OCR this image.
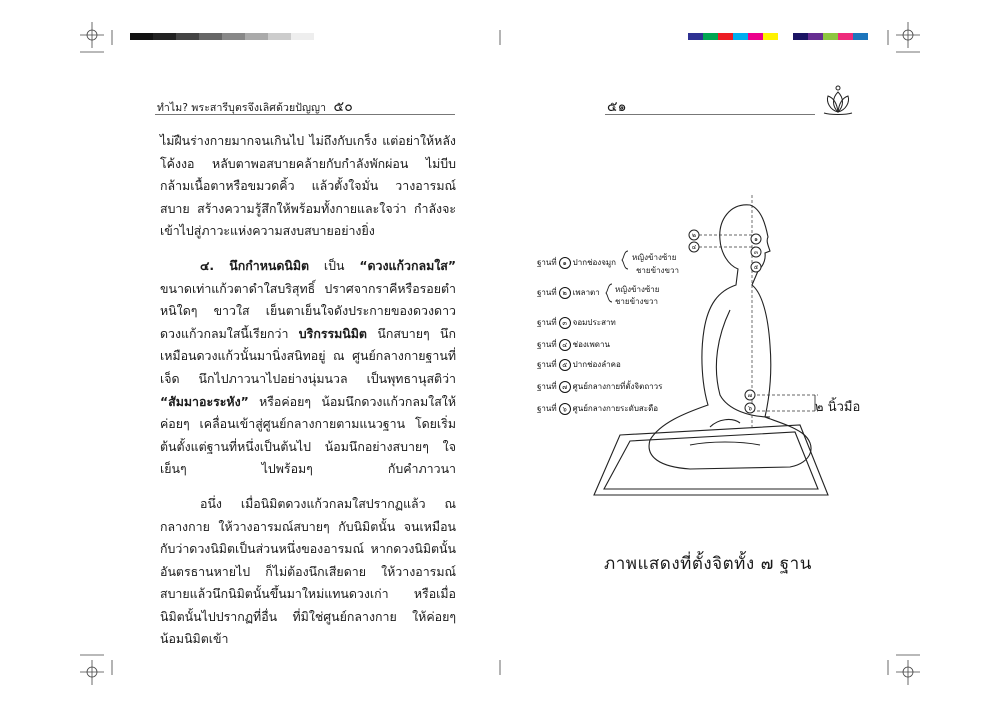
ทำไม? พระสารีบุตรจึงเลิศด้วยปัญญา ๕๐	๕๑

ไม่ฝืนร่างกายมากจนเกินไป ไม่ถึงกับเกร็ง แต่อย่าให้หลังโค้งงอ หลับตาพอสบายคล้ายกับกำลังพักผ่อน ไม่บีบกล้ามเนื้อตาหรือขมวดคิ้ว แล้วตั้งใจมั่น วางอารมณ์สบาย สร้างความรู้สึกให้พร้อมทั้งกายและใจว่า กำลังจะเข้าไปสู่ภาวะแห่งความสงบสบายอย่างยิ่ง

๔. นึกกำหนดนิมิต เป็น “ดวงแก้วกลมใส” ขนาดเท่าแก้วตาดำใสบริสุทธิ์ ปราศจากราคีหรือรอยตำหนิใดๆ ขาวใส เย็นตาเย็นใจดังประกายของดวงดาว ดวงแก้วกลมใสนี้เรียกว่า บริกรรมนิมิต นึกสบายๆ นึกเหมือนดวงแก้วนั้นมานิ่งสนิทอยู่ ณ ศูนย์กลางกายฐานที่เจ็ด นึกไปภาวนาไปอย่างนุ่มนวล เป็นพุทธานุสติว่า “สัมมาอะระหัง” หรือค่อยๆ น้อมนึกดวงแก้วกลมใสให้ค่อยๆ เคลื่อนเข้าสู่ศูนย์กลางกายตามแนวฐาน โดยเริ่มต้นตั้งแต่ฐานที่หนึ่งเป็นต้นไป น้อมนึกอย่างสบายๆ ใจเย็นๆ ไปพร้อมๆ กับคำภาวนา

อนึ่ง เมื่อนิมิตดวงแก้วกลมใสปรากฏแล้ว ณ กลางกาย ให้วางอารมณ์สบายๆ กับนิมิตนั้น จนเหมือนกับว่าดวงนิมิตเป็นส่วนหนึ่งของอารมณ์ หากดวงนิมิตนั้นอันตรธานหายไป ก็ไม่ต้องนึกเสียดาย ให้วางอารมณ์สบายแล้วนึกนิมิตนั้นขึ้นมาใหม่แทนดวงเก่า หรือเมื่อนิมิตนั้นไปปรากฏที่อื่น ที่มิใช่ศูนย์กลางกาย ให้ค่อยๆ น้อมนิมิตเข้า

๒
๑
๔
๓
๕
๗
๖
ฐานที่ ๑ ปากช่องจมูก
หญิงข้างซ้าย
ชายข้างขวา
ฐานที่ ๒ เพลาตา หญิงข้างซ้าย
ชายข้างขวา
ฐานที่ ๓ จอมประสาท
ฐานที่ ๔ ช่องเพดาน
ฐานที่ ๕ ปากช่องลำคอ
ฐานที่ ๗ ศูนย์กลางกายที่ตั้งจิตถาวร
ฐานที่ ๖ ศูนย์กลางกายระดับสะดือ	๒ นิ้วมือ
ภาพแสดงที่ตั้งจิตทั้ง ๗ ฐาน
